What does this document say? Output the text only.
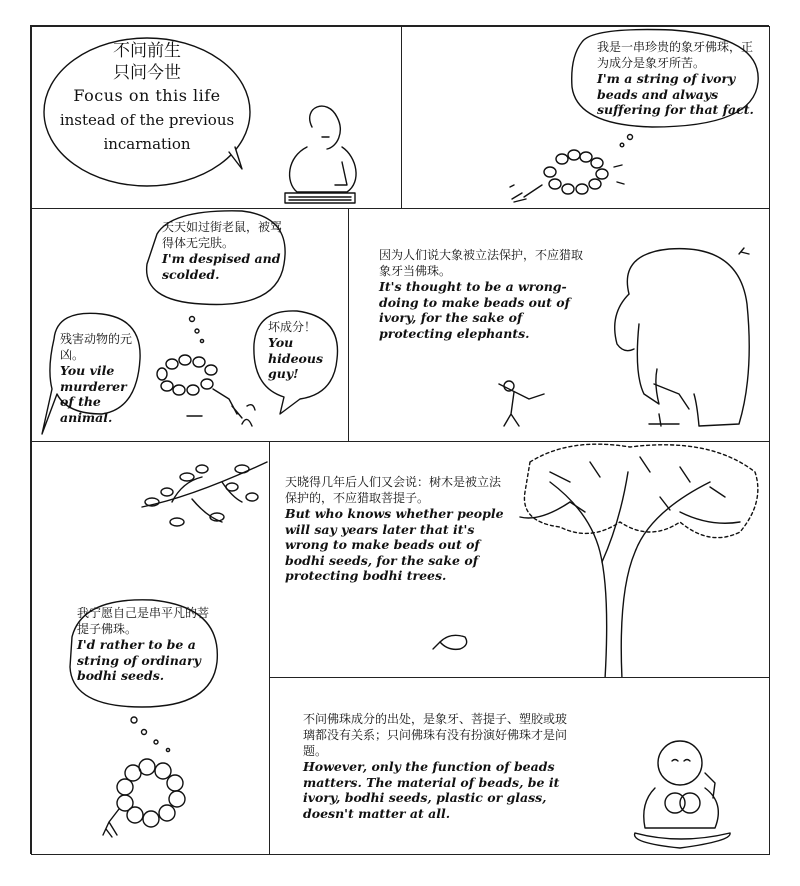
不问前生
只问今世
Focus on this life
instead of the previous
incarnation
我是一串珍贵的象牙佛珠，正为成分是象牙所苦。
I'm a string of ivory beads and always suffering for that fact.
天天如过街老鼠，被骂得体无完肤。
I'm despised and scolded.
残害动物的元凶。
You vile murderer of the animal.
坏成分！
You hideous guy!
因为人们说大象被立法保护，不应猎取象牙当佛珠。
It's thought to be a wrong-doing to make beads out of ivory, for the sake of protecting elephants.
我宁愿自己是串平凡的菩提子佛珠。
I'd rather to be a string of ordinary bodhi seeds.
天晓得几年后人们又会说：树木是被立法保护的，不应猎取菩提子。
But who knows whether people will say years later that it's wrong to make beads out of bodhi seeds, for the sake of protecting bodhi trees.
不问佛珠成分的出处，是象牙、菩提子、塑胶或玻璃都没有关系；只问佛珠有没有扮演好佛珠才是问题。
However, only the function of beads matters. The material of beads, be it ivory, bodhi seeds, plastic or glass, doesn't matter at all.
